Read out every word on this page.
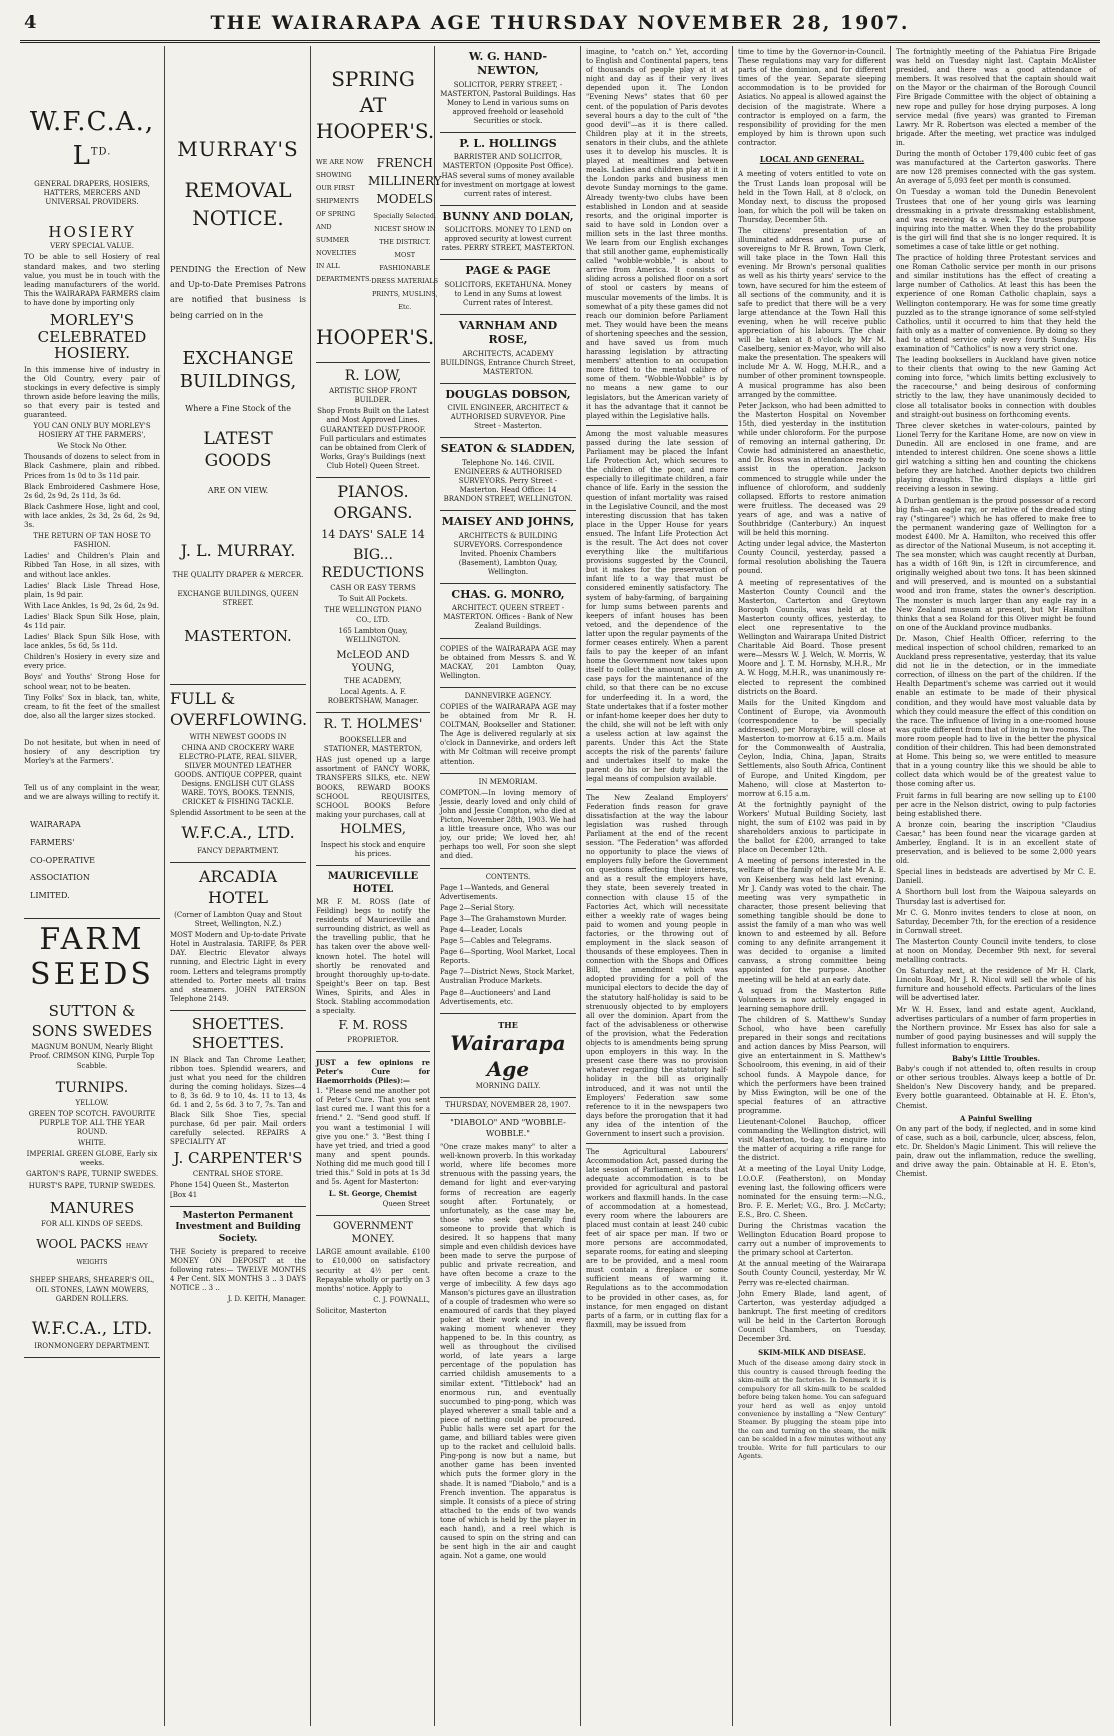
4	THE WAIRARAPA AGE THURSDAY NOVEMBER 28, 1907.
W.F.C.A., $L^{TD.}$
GENERAL DRAPERS, HOSIERS, HATTERS, MERCERS AND UNIVERSAL PROVIDERS.
HOSIERY
VERY SPECIAL VALUE.

TO be able to sell Hosiery of real standard makes, and two sterling value, you must be in touch with the leading manufacturers of the world. This the WAIRARAPA FARMERS claim to have done by importing only

MORLEY'S CELEBRATED HOSIERY.

In this immense hive of industry in the Old Country, every pair of stockings in every defective is simply thrown aside before leaving the mills, so that every pair is tested and guaranteed.

YOU CAN ONLY BUY MORLEY'S HOSIERY AT THE FARMERS',

We Stock No Other.

Thousands of dozens to select from in Black Cashmere, plain and ribbed. Prices from 1s 0d to 3s 11d pair.

Black Embroidered Cashmere Hose, 2s 6d, 2s 9d, 2s 11d, 3s 6d.

Black Cashmere Hose, light and cool, with lace ankles, 2s 3d, 2s 6d, 2s 9d, 3s.

THE RETURN OF TAN HOSE TO FASHION.

Ladies' and Children's Plain and Ribbed Tan Hose, in all sizes, with and without lace ankles.

Ladies' Black Lisle Thread Hose, plain, 1s 9d pair.

With Lace Ankles, 1s 9d, 2s 6d, 2s 9d.

Ladies' Black Spun Silk Hose, plain, 4s 11d pair.

Ladies' Black Spun Silk Hose, with lace ankles, 5s 6d, 5s 11d.

Children's Hosiery in every size and every price.

Boys' and Youths' Strong Hose for school wear, not to be beaten.

Tiny Folks' Sox in black, tan, white, cream, to fit the feet of the smallest doe, also all the larger sizes stocked.

Do not hesitate, but when in need of hosiery of any description try Morley's at the Farmers'.

Tell us of any complaint in the wear, and we are always willing to rectify it.

WAIRARAPA
FARMERS'
CO-OPERATIVE
ASSOCIATION
LIMITED.
FARM SEEDS
SUTTON & SONS SWEDES

MAGNUM BONUM, Nearly Blight Proof. CRIMSON KING, Purple Top Scabble.

TURNIPS.

YELLOW.

GREEN TOP SCOTCH. FAVOURITE PURPLE TOP. ALL THE YEAR ROUND.

WHITE.

IMPERIAL GREEN GLOBE, Early six weeks.

GARTON'S RAPE, TURNIP SWEDES.

HURST'S RAPE, TURNIP SWEDES.

MANURES

FOR ALL KINDS OF SEEDS.

WOOL PACKS HEAVY WEIGHTS

SHEEP SHEARS, SHEARER'S OIL, OIL STONES, LAWN MOWERS, GARDEN ROLLERS.

W.F.C.A., LTD.

IRONMONGERY DEPARTMENT.

MURRAY'S
REMOVAL NOTICE.

PENDING the Erection of New and Up-to-Date Premises Patrons are notified that business is being carried on in the

EXCHANGE BUILDINGS,

Where a Fine Stock of the

LATEST GOODS

ARE ON VIEW.

J. L. MURRAY.

THE QUALITY DRAPER & MERCER.

EXCHANGE BUILDINGS, QUEEN STREET.

MASTERTON.
FULL & OVERFLOWING.

WITH NEWEST GOODS IN

CHINA AND CROCKERY WARE ELECTRO-PLATE, REAL SILVER, SILVER MOUNTED LEATHER GOODS. ANTIQUE COPPER, quaint Designs. ENGLISH CUT GLASS WARE. TOYS, BOOKS. TENNIS, CRICKET & FISHING TACKLE.

Splendid Assortment to be seen at the

W.F.C.A., LTD.

FANCY DEPARTMENT.

ARCADIA HOTEL

(Corner of Lambton Quay and Stout Street, Wellington, N.Z.)

MOST Modern and Up-to-date Private Hotel in Australasia. TARIFF, 8s PER DAY. Electric Elevator always running, and Electric Light in every room. Letters and telegrams promptly attended to. Porter meets all trains and steamers. JOHN PATERSON Telephone 2149.

SHOETTES. SHOETTES.

IN Black and Tan Chrome Leather, ribbon toes. Splendid wearers, and just what you need for the children during the coming holidays. Sizes—4 to 8, 3s 6d. 9 to 10, 4s. 11 to 13, 4s 6d. 1 and 2, 5s 6d. 3 to 7, 7s. Tan and Black Silk Shoe Ties, special purchase, 6d per pair. Mail orders carefully selected. REPAIRS A SPECIALITY AT

J. CARPENTER'S

CENTRAL SHOE STORE.

Phone 154] Queen St., Masterton [Box 41

Masterton Permanent Investment and Building Society.

THE Society is prepared to receive MONEY ON DEPOSIT at the following rates:— TWELVE MONTHS 4 Per Cent. SIX MONTHS 3 .. 3 DAYS NOTICE .. 3 ..

J. D. KEITH, Manager.

SPRING AT HOOPER'S.

WE ARE NOW SHOWING OUR FIRST SHIPMENTS OF SPRING AND SUMMER NOVELTIES IN ALL DEPARTMENTS.

FRENCH MILLINERY MODELS

Specially Selected. NICEST SHOW IN THE DISTRICT. MOST FASHIONABLE DRESS MATERIALS PRINTS, MUSLINS, Etc.

HOOPER'S.
R. LOW,

ARTISTIC SHOP FRONT BUILDER.

Shop Fronts Built on the Latest and Most Approved Lines. GUARANTEED DUST-PROOF. Full particulars and estimates can be obtained from Clerk of Works, Gray's Buildings (next Club Hotel) Queen Street.

PIANOS. ORGANS.
14 DAYS' SALE 14
BIG... REDUCTIONS

CASH OR EASY TERMS

To Suit All Pockets.

THE WELLINGTON PIANO CO., LTD.

165 Lambton Quay, WELLINGTON.

McLEOD AND YOUNG,

THE ACADEMY,

Local Agents. A. F. ROBERTSHAW, Manager.

R. T. HOLMES'

BOOKSELLER and STATIONER, MASTERTON,

HAS just opened up a large assortment of FANCY WORK, TRANSFERS SILKS, etc. NEW BOOKS, REWARD BOOKS SCHOOL REQUISITES, SCHOOL BOOKS Before making your purchases, call at

HOLMES,

Inspect his stock and enquire his prices.

MAURICEVILLE HOTEL

MR F. M. ROSS (late of Feilding) begs to notify the residents of Mauriceville and surrounding district, as well as the travelling public, that he has taken over the above well-known hotel. The hotel will shortly be renovated and brought thoroughly up-to-date. Speight's Beer on tap. Best Wines, Spirits, and Ales in Stock. Stabling accommodation a specialty.

F. M. ROSS

PROPRIETOR.

JUST a few opinions re Peter's Cure for Haemorrhoids (Piles):—

1. "Please send me another pot of Peter's Cure. That you sent last cured me. I want this for a friend." 2. "Send good stuff. If you want a testimonial I will give you one." 3. "Best thing I have yet tried, and tried a good many and spent pounds. Nothing did me much good till I tried this." Sold in pots at 1s 3d and 5s. Agent for Masterton:

L. St. George, Chemist

Queen Street

GOVERNMENT MONEY.

LARGE amount available. £100 to £10,000 on satisfactory security at 4½ per cent. Repayable wholly or partly on 3 months' notice. Apply to

C. J. FOWNALL,

Solicitor, Masterton

W. G. HAND-NEWTON,

SOLICITOR, PERRY STREET, - MASTERTON, Pastoral Buildings. Has Money to Lend in various sums on approved freehold or leasehold Securities or stock.

P. L. HOLLINGS

BARRISTER AND SOLICITOR, MASTERTON (Opposite Post Office). HAS several sums of money available for investment on mortgage at lowest current rates of interest.

BUNNY AND DOLAN,

SOLICITORS. MONEY TO LEND on approved security at lowest current rates. PERRY STREET, MASTERTON.

PAGE & PAGE

SOLICITORS, EKETAHUNA. Money to Lend in any Sums at lowest Current rates of Interest.

VARNHAM AND ROSE,

ARCHITECTS, ACADEMY BUILDINGS, Entrance Church Street, MASTERTON.

DOUGLAS DOBSON,

CIVIL ENGINEER, ARCHITECT & AUTHORISED SURVEYOR. Pine Street - Masterton.

SEATON & SLADDEN,

Telephone No. 146. CIVIL ENGINEERS & AUTHORISED SURVEYORS. Perry Street - Masterton. Head Office: 14 BRANDON STREET, WELLINGTON.

MAISEY AND JOHNS,

ARCHITECTS & BUILDING SURVEYORS. Correspondence Invited. Phoenix Chambers (Basement), Lambton Quay, Wellington.

CHAS. G. MONRO,

ARCHITECT. QUEEN STREET - MASTERTON. Offices - Bank of New Zealand Buildings.

COPIES of the WAIRARAPA AGE may be obtained from Messrs S. and W. MACKAY, 201 Lambton Quay, Wellington.

DANNEVIRKE AGENCY.

COPIES of the WAIRARAPA AGE may be obtained from Mr R. H. COLTMAN, Bookseller and Stationer. The Age is delivered regularly at six o'clock in Dannevirke, and orders left with Mr Coltman will receive prompt attention.

IN MEMORIAM.

COMPTON.—In loving memory of Jessie, dearly loved and only child of John and Jessie Compton, who died at Picton, November 28th, 1903. We had a little treasure once, Who was our joy, our pride; We loved her, ah! perhaps too well, For soon she slept and died.

CONTENTS.

Page 1—Wanteds, and General Advertisements.

Page 2—Serial Story.

Page 3—The Grahamstown Murder.

Page 4—Leader, Locals

Page 5—Cables and Telegrams.

Page 6—Sporting, Wool Market, Local Reports.

Page 7—District News, Stock Market, Australian Produce Markets.

Page 8—Auctioneers' and Land Advertisements, etc.

THE
Wairarapa Age
MORNING DAILY.
THURSDAY, NOVEMBER 28, 1907.
"DIABOLO" AND "WOBBLE-WOBBLE."

"One craze makes many" to alter a well-known proverb. In this workaday world, where life becomes more strenuous with the passing years, the demand for light and ever-varying forms of recreation are eagerly sought after. Fortunately, or unfortunately, as the case may be, those who seek generally find someone to provide that which is desired. It so happens that many simple and even childish devices have been made to serve the purpose of public and private recreation, and have often become a craze to the verge of imbecility. A few days ago Manson's pictures gave an illustration of a couple of tradesmen who were so enamoured of cards that they played poker at their work and in every waking moment whenever they happened to be. In this country, as well as throughout the civilised world, of late years a large percentage of the population has carried childish amusements to a similar extent. "Tittlebock" had an enormous run, and eventually succumbed to ping-pong, which was played wherever a small table and a piece of netting could be procured. Public halls were set apart for the game, and billiard tables were given up to the racket and celluloid balls. Ping-pong is now but a name, but another game has been invented which puts the former glory in the shade. It is named "Diabolo," and is a French invention. The apparatus is simple. It consists of a piece of string attached to the ends of two wands tone of which is held by the player in each hand), and a reel which is caused to spin on the string and can be sent high in the air and caught again. Not a game, one would

imagine, to "catch on." Yet, according to English and Continental papers, tens of thousands of people play at it at night and day as if their very lives depended upon it. The London "Evening News" states that 60 per cent. of the population of Paris devotes several hours a day to the cult of "the good devil"—as it is there called. Children play at it in the streets, senators in their clubs, and the athlete uses it to develop his muscles. It is played at mealtimes and between meals. Ladies and children play at it in the London parks and business men devote Sunday mornings to the game. Already twenty-two clubs have been established in London and at seaside resorts, and the original importer is said to have sold in London over a million sets in the last three months. We learn from our English exchanges that still another game, euphemistically called "wobble-wobble," is about to arrive from America. It consists of sliding across a polished floor on a sort of stool or casters by means of muscular movements of the limbs. It is somewhat of a pity these games did not reach our dominion before Parliament met. They would have been the means of shortening speeches and the session, and have saved us from much harassing legislation by attracting members' attention to an occupation more fitted to the mental calibre of some of them. "Wobble-Wobble" is by no means a new game to our legislators, but the American variety of it has the advantage that it cannot be played within the Legislative halls.

Among the most valuable measures passed during the late session of Parliament may be placed the Infant Life Protection Act, which secures to the children of the poor, and more especially to illegitimate children, a fair chance of life. Early in the session the question of infant mortality was raised in the Legislative Council, and the most interesting discussion that has taken place in the Upper House for years ensued. The Infant Life Protection Act is the result. The Act does not cover everything like the multifarious provisions suggested by the Council, but it makes for the preservation of infant life to a way that must be considered eminently satisfactory. The system of baby-farming, of bargaining for lump sums between parents and keepers of infant houses has been vetoed, and the dependence of the latter upon the regular payments of the former ceases entirely. When a parent fails to pay the keeper of an infant home the Government now takes upon itself to collect the amount, and in any case pays for the maintenance of the child, so that there can be no excuse for underfeeding it. In a word, the State undertakes that if a foster mother or infant-home keeper does her duty to the child, she will not be left with only a useless action at law against the parents. Under this Act the State accepts the risk of the parents' failure and undertakes itself to make the parent do his or her duty by all the legal means of compulsion available.

The New Zealand Employers' Federation finds reason for grave dissatisfaction at the way the labour legislation was rushed through Parliament at the end of the recent session. "The Federation" was afforded no opportunity to place the views of employers fully before the Government on questions affecting their interests, and as a result the employers have, they state, been severely treated in connection with clause 15 of the Factories Act, which will necessitate either a weekly rate of wages being paid to women and young people in factories, or the throwing out of employment in the slack season of thousands of these employees. Then in connection with the Shops and Offices Bill, the amendment which was adopted providing for a poll of the municipal electors to decide the day of the statutory half-holiday is said to be strenuously objected to by employers all over the dominion. Apart from the fact of the advisableness or otherwise of the provision, what the Federation objects to is amendments being sprung upon employers in this way. In the present case there was no provision whatever regarding the statutory half-holiday in the bill as originally introduced, and it was not until the Employers' Federation saw some reference to it in the newspapers two days before the prorogation that it had any idea of the intention of the Government to insert such a provision.

The Agricultural Labourers' Accommodation Act, passed during the late session of Parliament, enacts that adequate accommodation is to be provided for agricultural and pastoral workers and flaxmill hands. In the case of accommodation at a homestead, every room where the labourers are placed must contain at least 240 cubic feet of air space per man. If two or more persons are accommodated, separate rooms, for eating and sleeping are to be provided, and a meal room must contain a fireplace or some sufficient means of warming it. Regulations as to the accommodation to be provided in other cases, as, for instance, for men engaged on distant parts of a farm, or in cutting flax for a flaxmill, may be issued from

time to time by the Governor-in-Council. These regulations may vary for different parts of the dominion, and for different times of the year. Separate sleeping accommodation is to be provided for Asiatics. No appeal is allowed against the decision of the magistrate. Where a contractor is employed on a farm, the responsibility of providing for the men employed by him is thrown upon such contractor.

LOCAL AND GENERAL.

A meeting of voters entitled to vote on the Trust Lands loan proposal will be held in the Town Hall, at 8 o'clock, on Monday next, to discuss the proposed loan, for which the poll will be taken on Thursday, December 5th.

The citizens' presentation of an illuminated address and a purse of sovereigns to Mr R. Brown, Town Clerk, will take place in the Town Hall this evening. Mr Brown's personal qualities as well as his thirty years' service to the town, have secured for him the esteem of all sections of the community, and it is safe to predict that there will be a very large attendance at the Town Hall this evening, when he will receive public appreciation of his labours. The chair will be taken at 8 o'clock by Mr M. Caselberg, senior ex-Mayor, who will also make the presentation. The speakers will include Mr A. W. Hogg, M.H.R., and a number of other prominent townspeople. A musical programme has also been arranged by the committee.

Peter Jackson, who had been admitted to the Masterton Hospital on November 15th, died yesterday in the institution while under chloroform. For the purpose of removing an internal gathering, Dr. Cowie had administered an anaesthetic, and Dr. Ross was in attendance ready to assist in the operation. Jackson commenced to struggle while under the influence of chloroform, and suddenly collapsed. Efforts to restore animation were fruitless. The deceased was 29 years of age, and was a native of Southbridge (Canterbury.) An inquest will be held this morning.

Acting under legal advice, the Masterton County Council, yesterday, passed a formal resolution abolishing the Tauera pound.

A meeting of representatives of the Masterton County Council and the Masterton, Carterton and Greytown Borough Councils, was held at the Masterton county offices, yesterday, to elect one representative to the Wellington and Wairarapa United District Charitable Aid Board. Those present were—Messrs W. J. Welch, W. Morris, W. Moore and J. T. M. Hornsby, M.H.R., Mr A. W. Hogg, M.H.R., was unanimously re-elected to represent the combined districts on the Board.

Mails for the United Kingdom and Continent of Europe, via Avonmouth (correspondence to be specially addressed), per Moraybire, will close at Masterton to-morrow at 6.15 a.m. Mails for the Commonwealth of Australia, Ceylon, India, China, Japan, Straits Settlements, also South Africa, Continent of Europe, and United Kingdom, per Maheno, will close at Masterton to-morrow at 6.15 a.m.

At the fortnightly paynight of the Workers' Mutual Building Society, last night, the sum of £102 was paid in by shareholders anxious to participate in the ballot for £200, arranged to take place on December 12th.

A meeting of persons interested in the welfare of the family of the late Mr A. E. von Keisenberg was held last evening. Mr J. Candy was voted to the chair. The meeting was very sympathetic in character, those present believing that something tangible should be done to assist the family of a man who was well known to and esteemed by all. Before coming to any definite arrangement it was decided to organise a limited canvass, a strong committee being appointed for the purpose. Another meeting will be held at an early date.

A squad from the Masterton Rifle Volunteers is now actively engaged in learning semaphore drill.

The children of S. Matthew's Sunday School, who have been carefully prepared in their songs and recitations and action dances by Miss Pearson, will give an entertainment in S. Matthew's Schoolroom, this evening, in aid of their school funds. A Maypole dance, for which the performers have been trained by Miss Ewington, will be one of the special features of an attractive programme.

Lieutenant-Colonel Bauchop, officer commanding the Wellington district, will visit Masterton, to-day, to enquire into the matter of acquiring a rifle range for the district.

At a meeting of the Loyal Unity Lodge, I.O.O.F. (Featherston), on Monday evening last, the following officers were nominated for the ensuing term:—N.G., Bro. F. E. Merlet; V.G., Bro. J. McCarty; E.S., Bro. C. Sheen.

During the Christmas vacation the Wellington Education Board propose to carry out a number of improvements to the primary school at Carterton.

At the annual meeting of the Wairarapa South County Council, yesterday, Mr W. Perry was re-elected chairman.

John Emery Blade, land agent, of Carterton, was yesterday adjudged a bankrupt. The first meeting of creditors will be held in the Carterton Borough Council Chambers, on Tuesday, December 3rd.

SKIM-MILK AND DISEASE.

Much of the disease among dairy stock in this country is caused through feeding the skim-milk at the factories. In Denmark it is compulsory for all skim-milk to be scalded before being taken home. You can safeguard your herd as well as enjoy untold convenience by installing a "New Century" Steamer. By plugging the steam pipe into the can and turning on the steam, the milk can be scalded in a few minutes without any trouble. Write for full particulars to our Agents.

The fortnightly meeting of the Pahiatua Fire Brigade was held on Tuesday night last. Captain McAlister presided, and there was a good attendance of members. It was resolved that the captain should wait on the Mayor or the chairman of the Borough Council Fire Brigade Committee with the object of obtaining a new rope and pulley for hose drying purposes. A long service medal (five years) was granted to Fireman Lawry. Mr R. Robertson was elected a member of the brigade. After the meeting, wet practice was indulged in.

During the month of October 179,400 cubic feet of gas was manufactured at the Carterton gasworks. There are now 128 premises connected with the gas system. An average of 5,093 feet per month is consumed.

On Tuesday a woman told the Dunedin Benevolent Trustees that one of her young girls was learning dressmaking in a private dressmaking establishment, and was receiving 4s a week. The trustees purpose inquiring into the matter. When they do the probability is the girl will find that she is no longer required. It is sometimes a case of take little or get nothing.

The practice of holding three Protestant services and one Roman Catholic service per month in our prisons and similar institutions has the effect of creating a large number of Catholics. At least this has been the experience of one Roman Catholic chaplain, says a Wellington contemporary. He was for some time greatly puzzled as to the strange ignorance of some self-styled Catholics, until it occurred to him that they held the faith only as a matter of convenience. By doing so they had to attend service only every fourth Sunday. His examination of "Catholics" is now a very strict one.

The leading booksellers in Auckland have given notice to their clients that owing to the new Gaming Act coming into force, "which limits betting exclusively to the racecourse," and being desirous of conforming strictly to the law, they have unanimously decided to close all totalisator books in connection with doubles and straight-out business on forthcoming events.

Three clever sketches in water-colours, painted by Lionel Terry for the Karitane Home, are now on view in Dunedin. All are enclosed in one frame, and are intended to interest children. One scene shows a little girl watching a sitting hen and counting the chickens before they are hatched. Another depicts two children playing draughts. The third displays a little girl receiving a lesson in sewing.

A Durban gentleman is the proud possessor of a record big fish—an eagle ray, or relative of the dreaded sting ray ("stingaree") which he has offered to make free to the permanent wandering gaze of Wellington for a modest £400. Mr A. Hamilton, who received this offer as director of the National Museum, is not accepting it. The sea monster, which was caught recently at Durban, has a width of 16ft 9in, is 12ft in circumference, and originally weighed about two tons. It has been skinned and will preserved, and is mounted on a substantial wood and iron frame, states the owner's description. The monster is much larger than any eagle ray in a New Zealand museum at present, but Mr Hamilton thinks that a sea Roland for this Oliver might be found on one of the Auckland province mudbanks.

Dr. Mason, Chief Health Officer, referring to the medical inspection of school children, remarked to an Auckland press representative, yesterday, that its value did not lie in the detection, or in the immediate correction, of illness on the part of the children. If the Health Department's scheme was carried out it would enable an estimate to be made of their physical condition, and they would have most valuable data by which they could measure the effect of this condition on the race. The influence of living in a one-roomed house was quite different from that of living in two rooms. The more room people had to live in the better the physical condition of their children. This had been demonstrated at Home. This being so, we were entitled to measure that in a young country like this we should be able to collect data which would be of the greatest value to those coming after us.

Fruit farms in full bearing are now selling up to £100 per acre in the Nelson district, owing to pulp factories being established there.

A bronze coin, bearing the inscription "Claudius Caesar," has been found near the vicarage garden at Amberley, England. It is in an excellent state of preservation, and is believed to be some 2,000 years old.

Special lines in bedsteads are advertised by Mr C. E. Daniell.

A Shorthorn bull lost from the Waipoua saleyards on Thursday last is advertised for.

Mr C. G. Monro invites tenders to close at noon, on Saturday, December 7th, for the erection of a residence in Cornwall street.

The Masterton County Council invite tenders, to close at noon on Monday, December 9th next, for several metalling contracts.

On Saturday next, at the residence of Mr H. Clark, Lincoln Road, Mr J. R. Nicol will sell the whole of his furniture and household effects. Particulars of the lines will be advertised later.

Mr W. H. Essex, land and estate agent, Auckland, advertises particulars of a number of farm properties in the Northern province. Mr Essex has also for sale a number of good paying businesses and will supply the fullest information to enquirers.

Baby's Little Troubles.

Baby's cough if not attended to, often results in croup or other serious troubles. Always keep a bottle of Dr. Sheldon's New Discovery handy, and be prepared. Every bottle guaranteed. Obtainable at H. E. Eton's, Chemist.

A Painful Swelling

On any part of the body, if neglected, and in some kind of case, such as a boil, carbuncle, ulcer, abscess, felon, etc. Dr. Sheldon's Magic Liniment. This will relieve the pain, draw out the inflammation, reduce the swelling, and drive away the pain. Obtainable at H. E. Eton's, Chemist.
